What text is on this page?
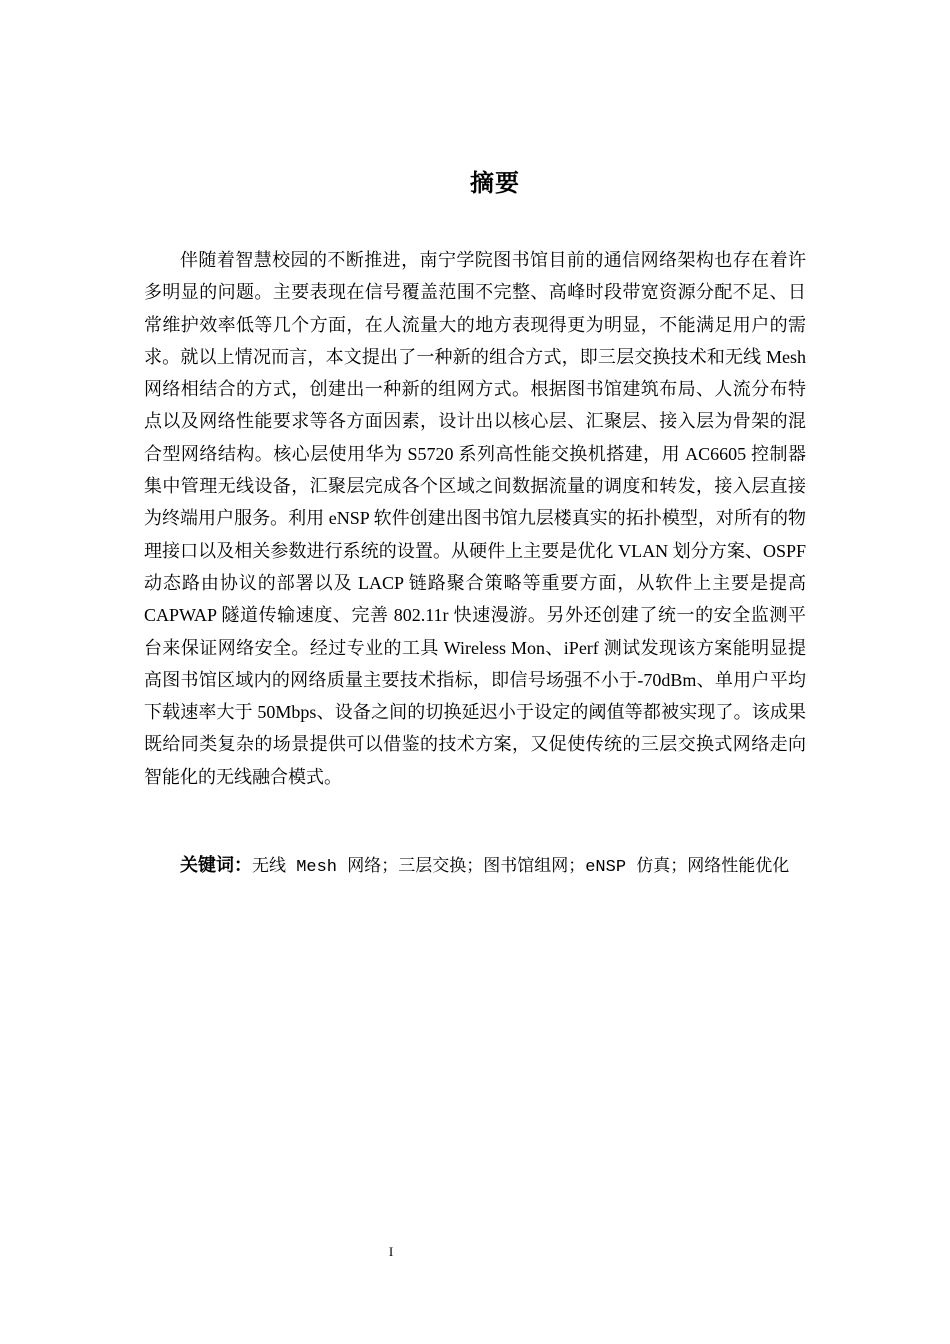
摘要

伴随着智慧校园的不断推进，南宁学院图书馆目前的通信网络架构也存在着许多明显的问题。主要表现在信号覆盖范围不完整、高峰时段带宽资源分配不足、日常维护效率低等几个方面，在人流量大的地方表现得更为明显，不能满足用户的需求。就以上情况而言，本文提出了一种新的组合方式，即三层交换技术和无线 Mesh 网络相结合的方式，创建出一种新的组网方式。根据图书馆建筑布局、人流分布特点以及网络性能要求等各方面因素，设计出以核心层、汇聚层、接入层为骨架的混合型网络结构。核心层使用华为 S5720 系列高性能交换机搭建，用 AC6605 控制器集中管理无线设备，汇聚层完成各个区域之间数据流量的调度和转发，接入层直接为终端用户服务。利用 eNSP 软件创建出图书馆九层楼真实的拓扑模型，对所有的物理接口以及相关参数进行系统的设置。从硬件上主要是优化 VLAN 划分方案、OSPF 动态路由协议的部署以及 LACP 链路聚合策略等重要方面，从软件上主要是提高 CAPWAP 隧道传输速度、完善 802.11r 快速漫游。另外还创建了统一的安全监测平台来保证网络安全。经过专业的工具 Wireless Mon、iPerf 测试发现该方案能明显提高图书馆区域内的网络质量主要技术指标，即信号场强不小于-70dBm、单用户平均下载速率大于 50Mbps、设备之间的切换延迟小于设定的阈值等都被实现了。该成果既给同类复杂的场景提供可以借鉴的技术方案，又促使传统的三层交换式网络走向智能化的无线融合模式。

关键词：无线 Mesh 网络；三层交换；图书馆组网；eNSP 仿真；网络性能优化

I
